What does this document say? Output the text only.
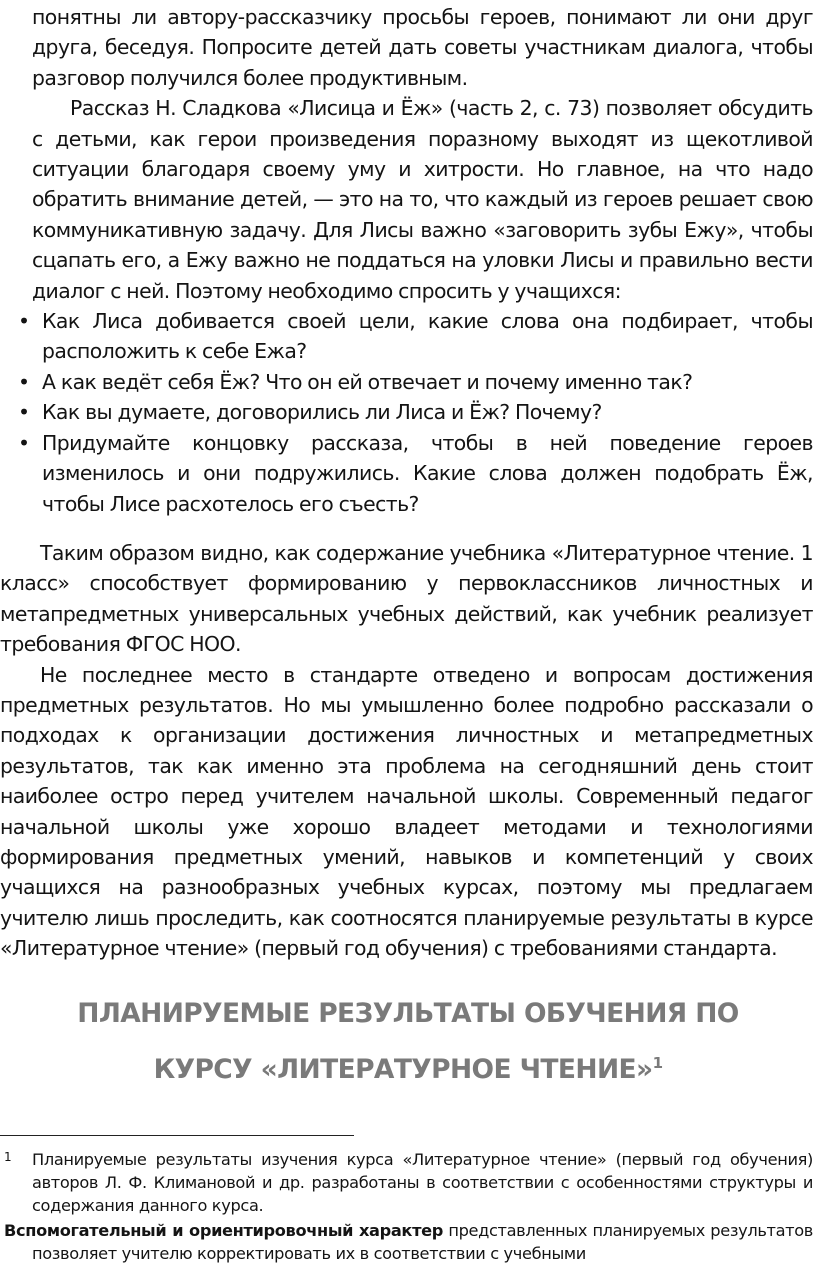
понятны ли автору-рассказчику просьбы героев, понимают ли они друг друга, беседуя. Попросите детей дать советы участникам диалога, чтобы разговор получился более продуктивным.

Рассказ Н. Сладкова «Лисица и Ёж» (часть 2, с. 73) позволяет обсудить с детьми, как герои произведения поразному выходят из щекотливой ситуации благодаря своему уму и хитрости. Но главное, на что надо обратить внимание детей, — это на то, что каждый из героев решает свою коммуникативную задачу. Для Лисы важно «заговорить зубы Ежу», чтобы сцапать его, а Ежу важно не поддаться на уловки Лисы и правильно вести диалог с ней. Поэтому необходимо спросить у учащихся:

• Как Лиса добивается своей цели, какие слова она подбирает, чтобы расположить к себе Ежа?
• А как ведёт себя Ёж? Что он ей отвечает и почему именно так?
• Как вы думаете, договорились ли Лиса и Ёж? Почему?
• Придумайте концовку рассказа, чтобы в ней поведение героев изменилось и они подружились. Какие слова должен подобрать Ёж, чтобы Лисе расхотелось его съесть?

Таким образом видно, как содержание учебника «Литературное чтение. 1 класс» способствует формированию у первоклассников личностных и метапредметных универсальных учебных действий, как учебник реализует требования ФГОС НОО.

Не последнее место в стандарте отведено и вопросам достижения предметных результатов. Но мы умышленно более подробно рассказали о подходах к организации достижения личностных и метапредметных результатов, так как именно эта проблема на сегодняшний день стоит наиболее остро перед учителем начальной школы. Современный педагог начальной школы уже хорошо владеет методами и технологиями формирования предметных умений, навыков и компетенций у своих учащихся на разнообразных учебных курсах, поэтому мы предлагаем учителю лишь проследить, как соотносятся планируемые результаты в курсе «Литературное чтение» (первый год обучения) с требованиями стандарта.

ПЛАНИРУЕМЫЕ РЕЗУЛЬТАТЫ ОБУЧЕНИЯ ПО
КУРСУ «ЛИТЕРАТУРНОЕ ЧТЕНИЕ»$^1$

1 Планируемые результаты изучения курса «Литературное чтение» (первый год обучения) авторов Л. Ф. Климановой и др. разработаны в соответствии с особенностями структуры и содержания данного курса.

Вспомогательный и ориентировочный характер представленных планируемых результатов позволяет учителю корректировать их в соответствии с учебными
